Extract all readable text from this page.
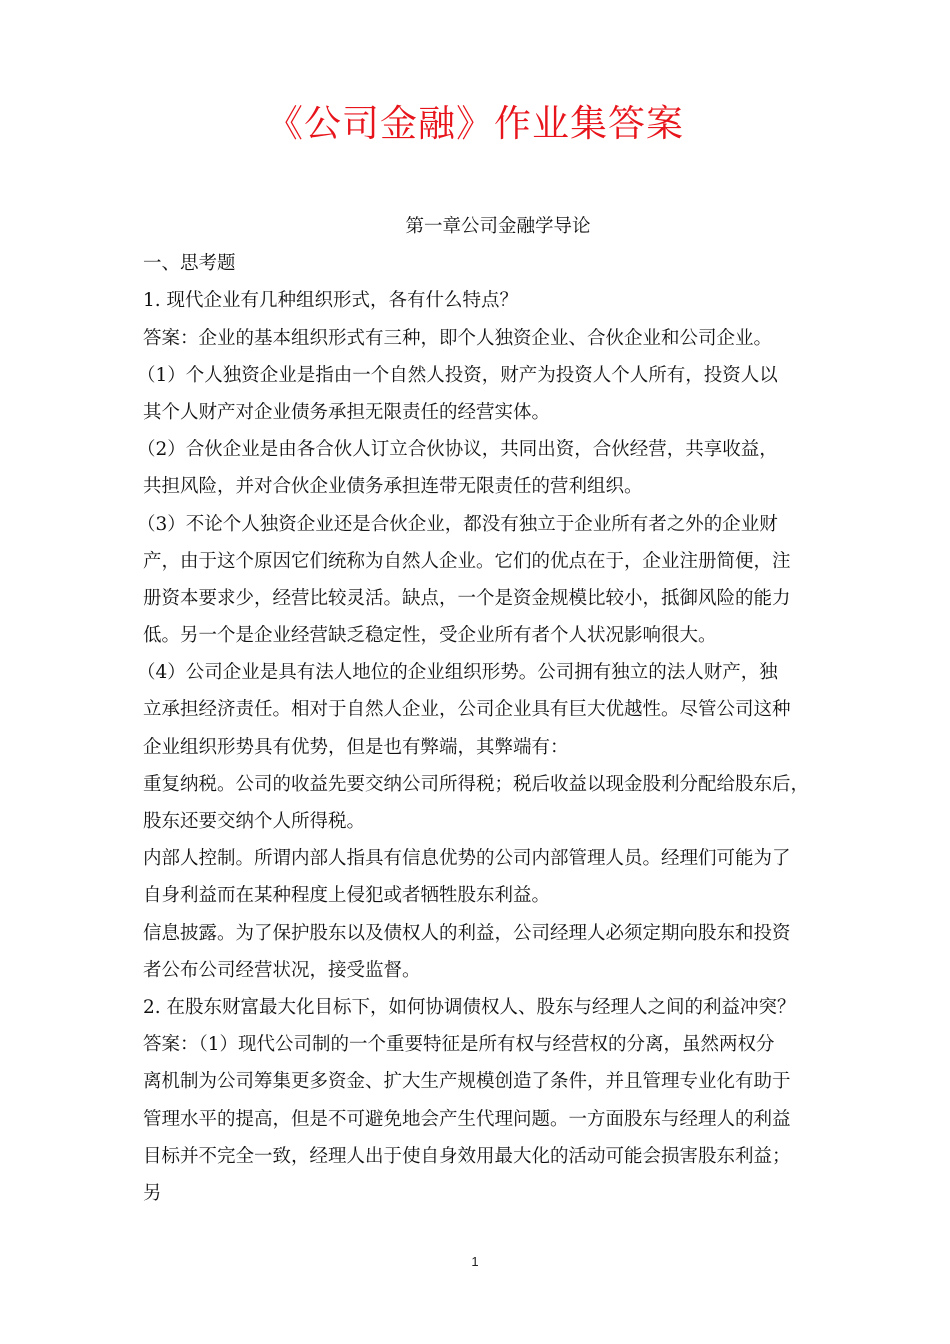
《公司金融》作业集答案

第一章公司金融学导论

一、思考题

1. 现代企业有几种组织形式，各有什么特点？

答案：企业的基本组织形式有三种，即个人独资企业、合伙企业和公司企业。

（1）个人独资企业是指由一个自然人投资，财产为投资人个人所有，投资人以

其个人财产对企业债务承担无限责任的经营实体。

（2）合伙企业是由各合伙人订立合伙协议，共同出资，合伙经营，共享收益，

共担风险，并对合伙企业债务承担连带无限责任的营利组织。

（3）不论个人独资企业还是合伙企业，都没有独立于企业所有者之外的企业财

产，由于这个原因它们统称为自然人企业。它们的优点在于，企业注册简便，注

册资本要求少，经营比较灵活。缺点，一个是资金规模比较小，抵御风险的能力

低。另一个是企业经营缺乏稳定性，受企业所有者个人状况影响很大。

（4）公司企业是具有法人地位的企业组织形势。公司拥有独立的法人财产，独

立承担经济责任。相对于自然人企业，公司企业具有巨大优越性。尽管公司这种

企业组织形势具有优势，但是也有弊端，其弊端有：

重复纳税。公司的收益先要交纳公司所得税；税后收益以现金股利分配给股东后，

股东还要交纳个人所得税。

内部人控制。所谓内部人指具有信息优势的公司内部管理人员。经理们可能为了

自身利益而在某种程度上侵犯或者牺牲股东利益。

信息披露。为了保护股东以及债权人的利益，公司经理人必须定期向股东和投资

者公布公司经营状况，接受监督。

2. 在股东财富最大化目标下，如何协调债权人、股东与经理人之间的利益冲突？

答案：（1）现代公司制的一个重要特征是所有权与经营权的分离，虽然两权分

离机制为公司筹集更多资金、扩大生产规模创造了条件，并且管理专业化有助于

管理水平的提高，但是不可避免地会产生代理问题。一方面股东与经理人的利益

目标并不完全一致，经理人出于使自身效用最大化的活动可能会损害股东利益；

另

1
